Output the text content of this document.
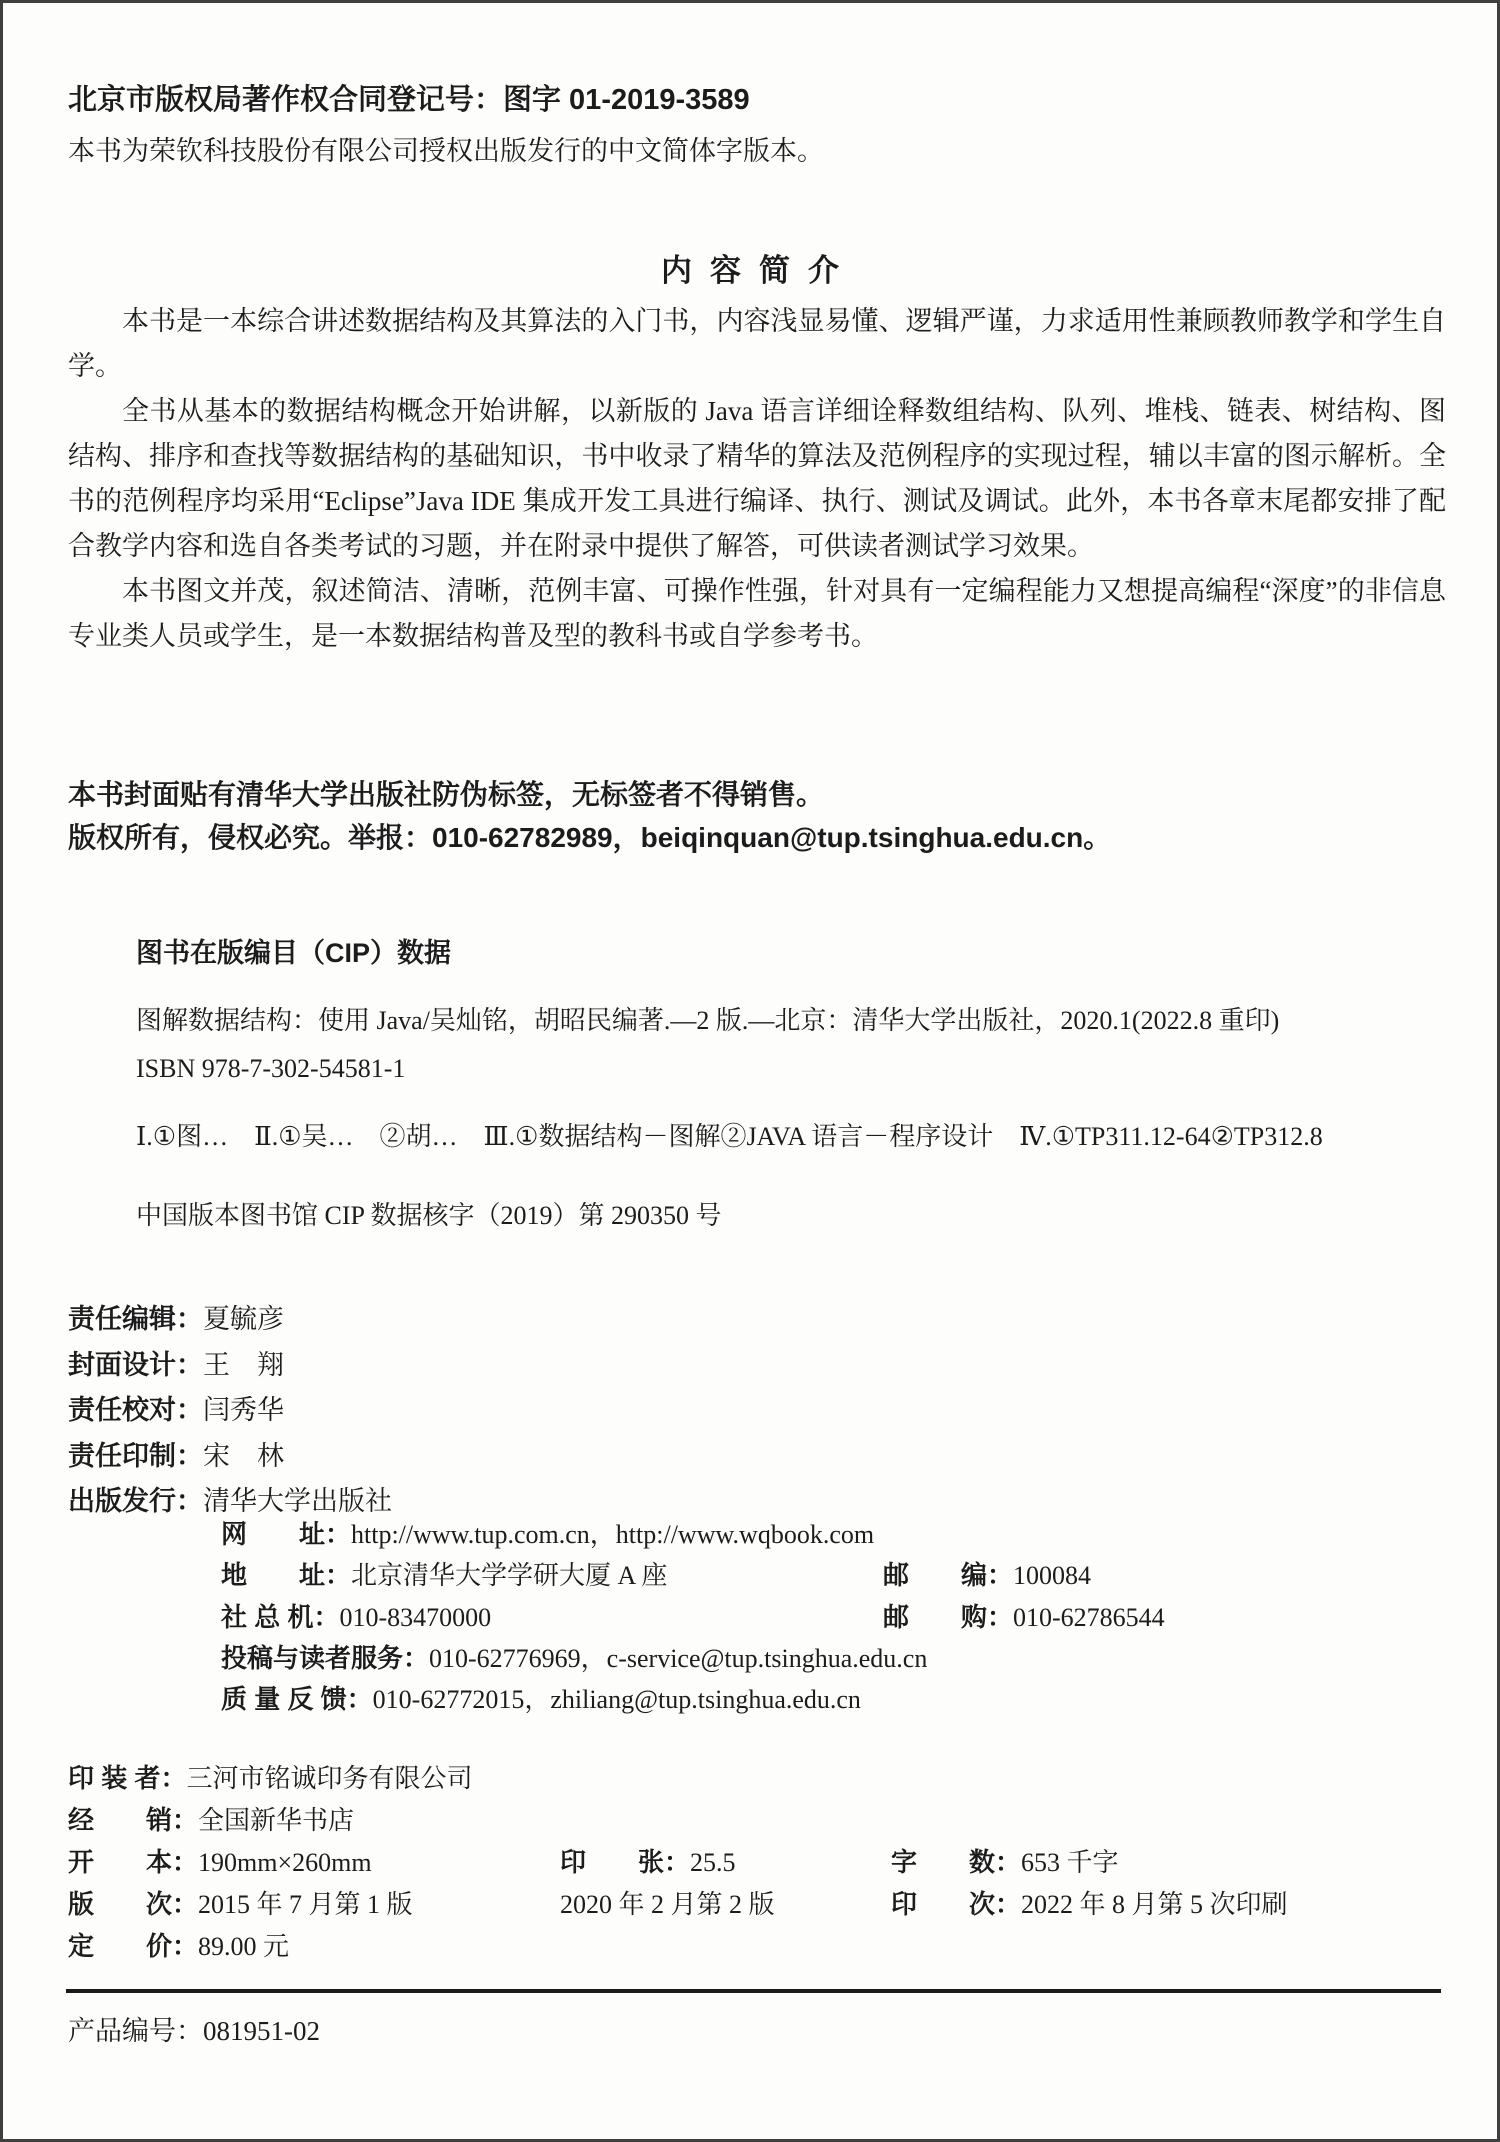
北京市版权局著作权合同登记号：图字 01-2019-3589
本书为荣钦科技股份有限公司授权出版发行的中文简体字版本。
内容简介

本书是一本综合讲述数据结构及其算法的入门书，内容浅显易懂、逻辑严谨，力求适用性兼顾教师教学和学生自学。

全书从基本的数据结构概念开始讲解，以新版的 Java 语言详细诠释数组结构、队列、堆栈、链表、树结构、图结构、排序和查找等数据结构的基础知识，书中收录了精华的算法及范例程序的实现过程，辅以丰富的图示解析。全书的范例程序均采用“Eclipse”Java IDE 集成开发工具进行编译、执行、测试及调试。此外，本书各章末尾都安排了配合教学内容和选自各类考试的习题，并在附录中提供了解答，可供读者测试学习效果。

本书图文并茂，叙述简洁、清晰，范例丰富、可操作性强，针对具有一定编程能力又想提高编程“深度”的非信息专业类人员或学生，是一本数据结构普及型的教科书或自学参考书。

本书封面贴有清华大学出版社防伪标签，无标签者不得销售。
版权所有，侵权必究。举报：010-62782989，beiqinquan@tup.tsinghua.edu.cn。
图书在版编目（CIP）数据
图解数据结构：使用 Java/吴灿铭，胡昭民编著.—2 版.—北京：清华大学出版社，2020.1(2022.8 重印)
ISBN 978-7-302-54581-1
Ⅰ.①图…　Ⅱ.①吴…　②胡…　Ⅲ.①数据结构－图解②JAVA 语言－程序设计　Ⅳ.①TP311.12-64②TP312.8
中国版本图书馆 CIP 数据核字（2019）第 290350 号
责任编辑：夏毓彦
封面设计：王　翔
责任校对：闫秀华
责任印制：宋　林
出版发行：清华大学出版社
网　　址：http://www.tup.com.cn，http://www.wqbook.com
地　　址：北京清华大学学研大厦 A 座	邮　　编：100084
社 总 机：010-83470000	邮　　购：010-62786544
投稿与读者服务：010-62776969，c-service@tup.tsinghua.edu.cn
质 量 反 馈：010-62772015，zhiliang@tup.tsinghua.edu.cn
印 装 者：三河市铭诚印务有限公司
经　　销：全国新华书店
开　　本：190mm×260mm	印　　张：25.5	字　　数：653 千字
版　　次：2015 年 7 月第 1 版	2020 年 2 月第 2 版	印　　次：2022 年 8 月第 5 次印刷
定　　价：89.00 元
产品编号：081951-02
